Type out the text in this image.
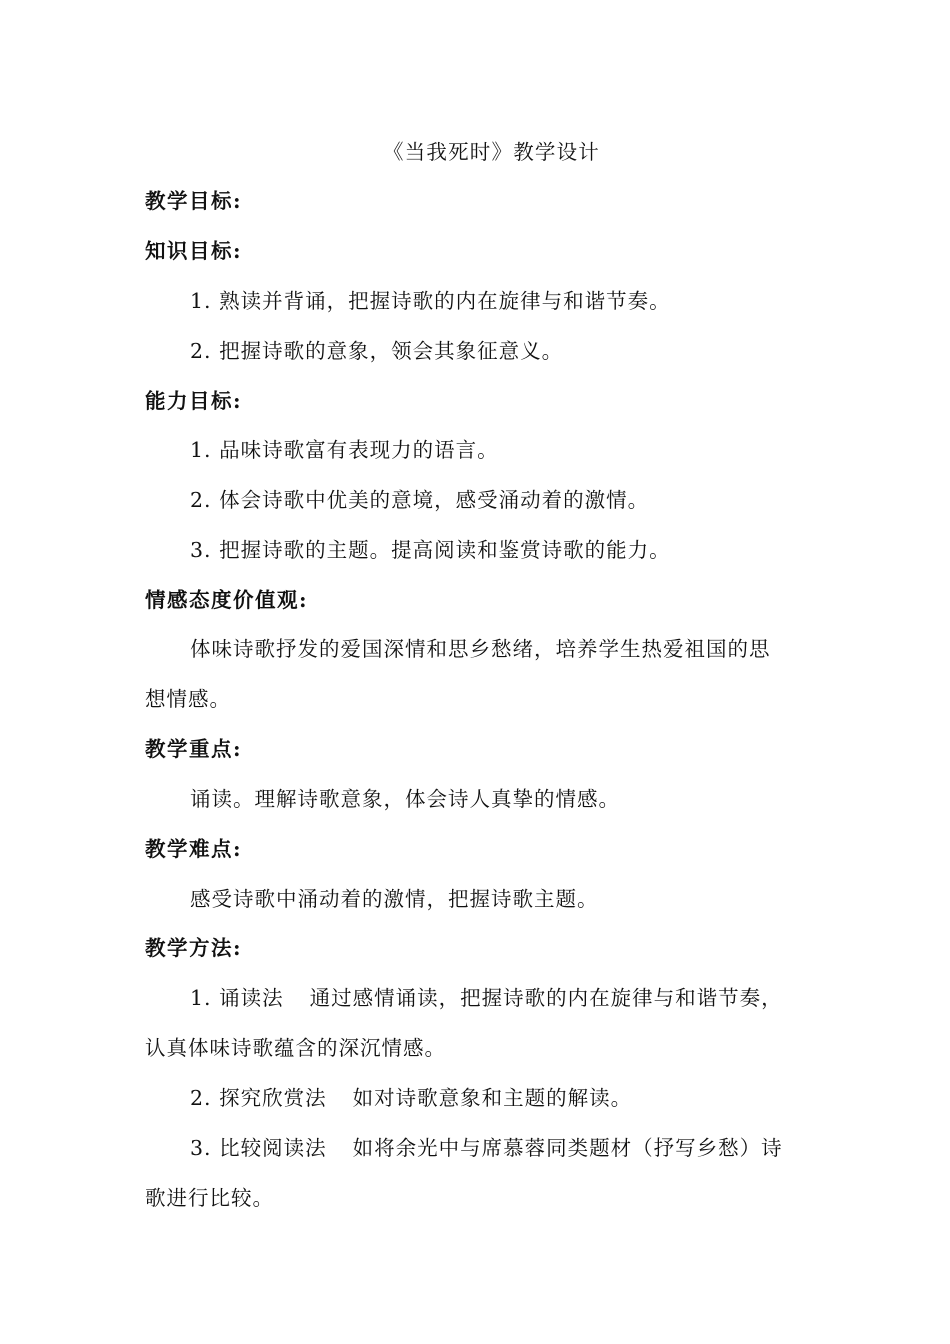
《当我死时》教学设计
教学目标:
知识目标:
1. 熟读并背诵，把握诗歌的内在旋律与和谐节奏。
2. 把握诗歌的意象，领会其象征意义。
能力目标:
1. 品味诗歌富有表现力的语言。
2. 体会诗歌中优美的意境，感受涌动着的激情。
3. 把握诗歌的主题。提高阅读和鉴赏诗歌的能力。
情感态度价值观:
体味诗歌抒发的爱国深情和思乡愁绪，培养学生热爱祖国的思
想情感。
教学重点:
诵读。理解诗歌意象，体会诗人真挚的情感。
教学难点:
感受诗歌中涌动着的激情，把握诗歌主题。
教学方法:
1. 诵读法 通过感情诵读，把握诗歌的内在旋律与和谐节奏，
认真体味诗歌蕴含的深沉情感。
2. 探究欣赏法 如对诗歌意象和主题的解读。
3. 比较阅读法 如将余光中与席慕蓉同类题材（抒写乡愁）诗
歌进行比较。
